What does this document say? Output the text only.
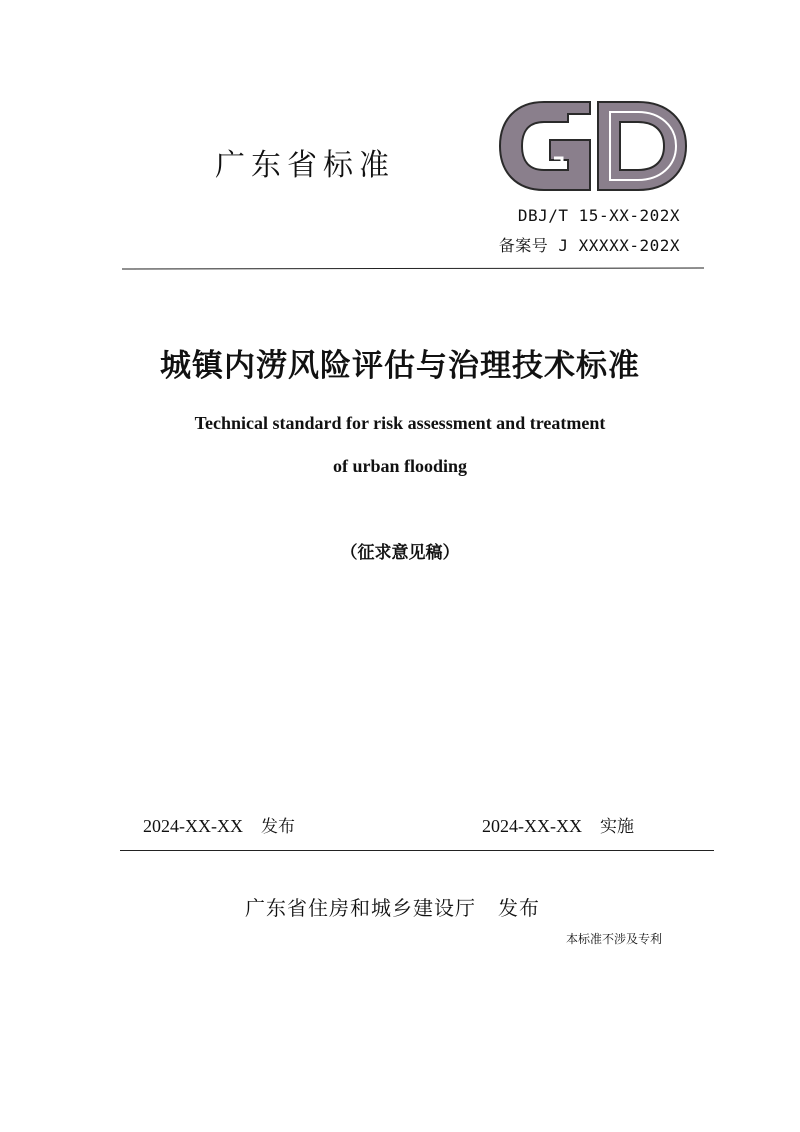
广东省标准
DBJ/T 15-XX-202X
备案号 J XXXXX-202X
城镇内涝风险评估与治理技术标准
Technical standard for risk assessment and treatment
of urban flooding
（征求意见稿）
2024-XX-XX 发布	2024-XX-XX 实施
广东省住房和城乡建设厅 发布
本标准不涉及专利
